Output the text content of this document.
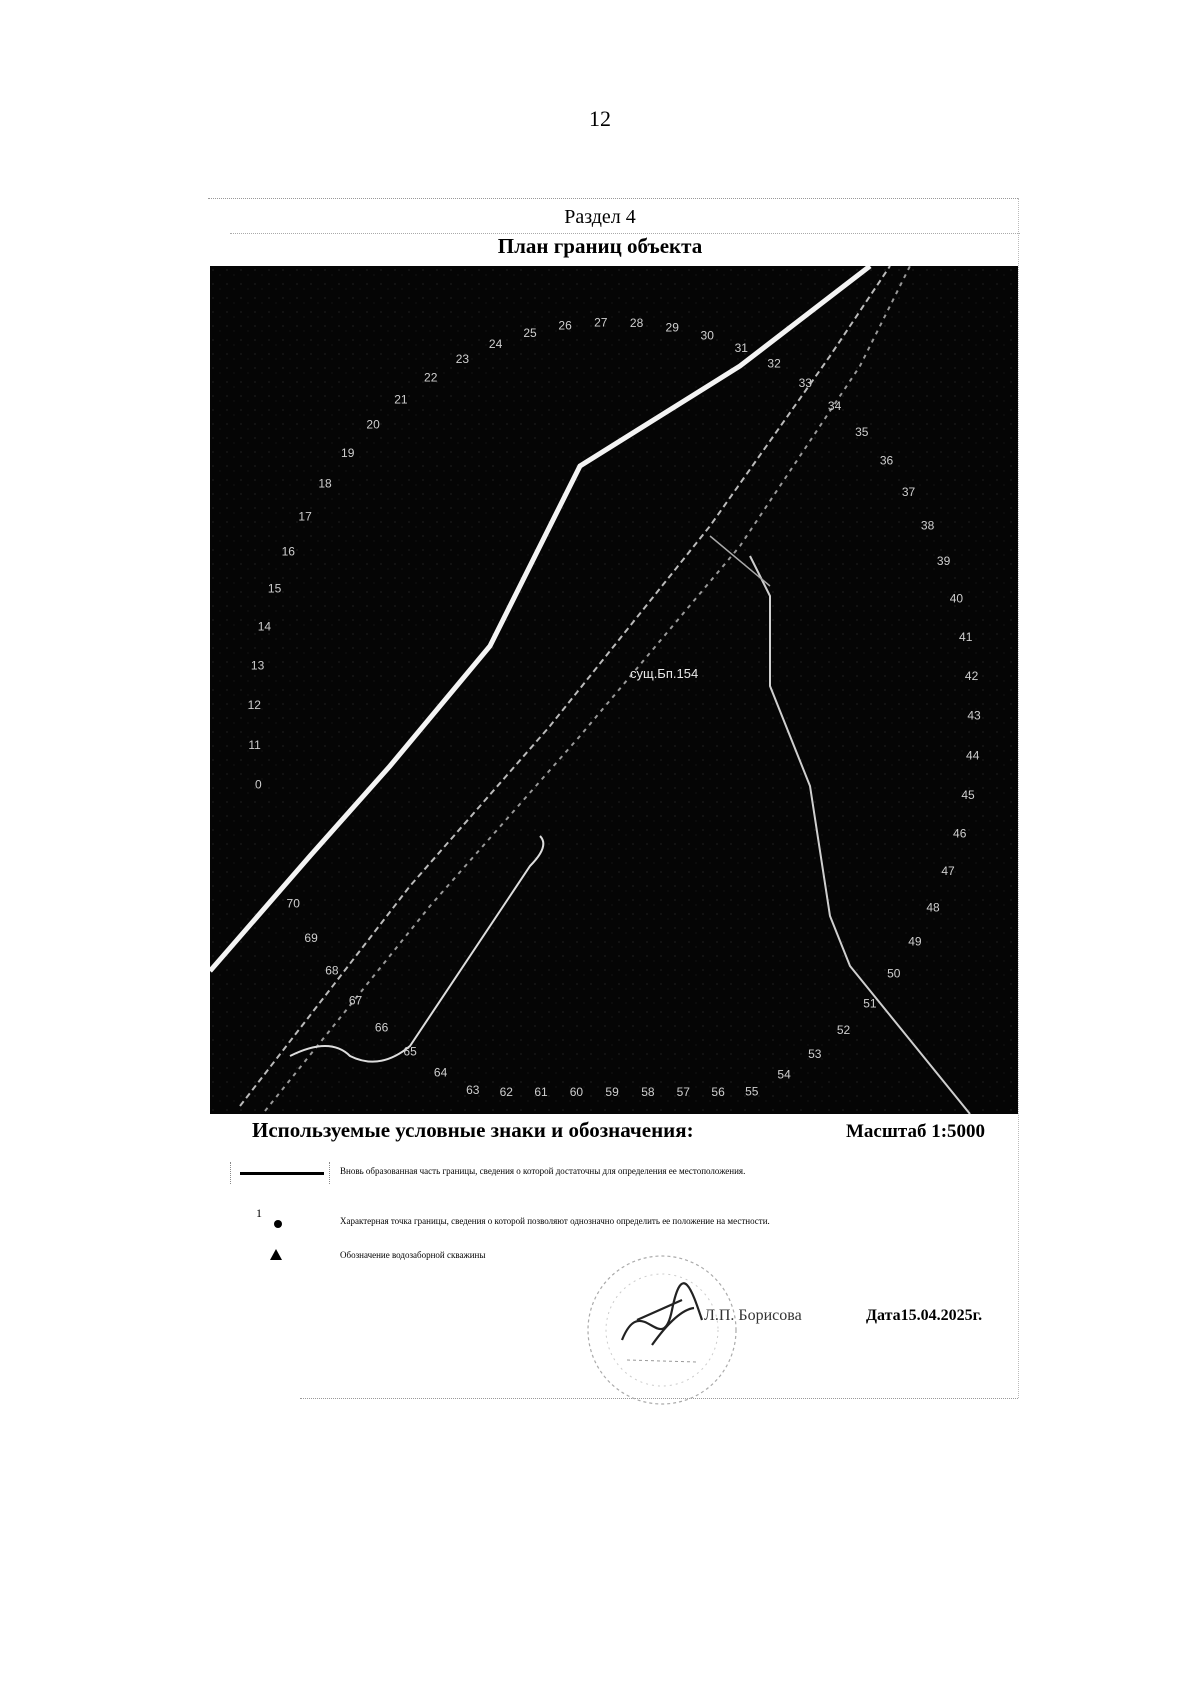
12
Раздел 4
План границ объекта
0
11
12
13
14
15
16
17
18
19
20
21
22
23
24
25
26 27 28 29
30
31
32
33
34
35
36
37
38
39
40
41
42
43
44
45
46
47
48
49
50
51
52
53
54
55
56
57
58
59
60
61
62
63
64
65
66
67
68
69
70
сущ.Бп.154
Используемые условные знаки и обозначения:	Масштаб 1:5000
Вновь образованная часть границы, сведения о которой достаточны для определения ее местоположения.
1
Характерная точка границы, сведения о которой позволяют однозначно определить ее положение на местности.
Обозначение водозаборной скважины
Л.П. Борисова	Дата15.04.2025г.
